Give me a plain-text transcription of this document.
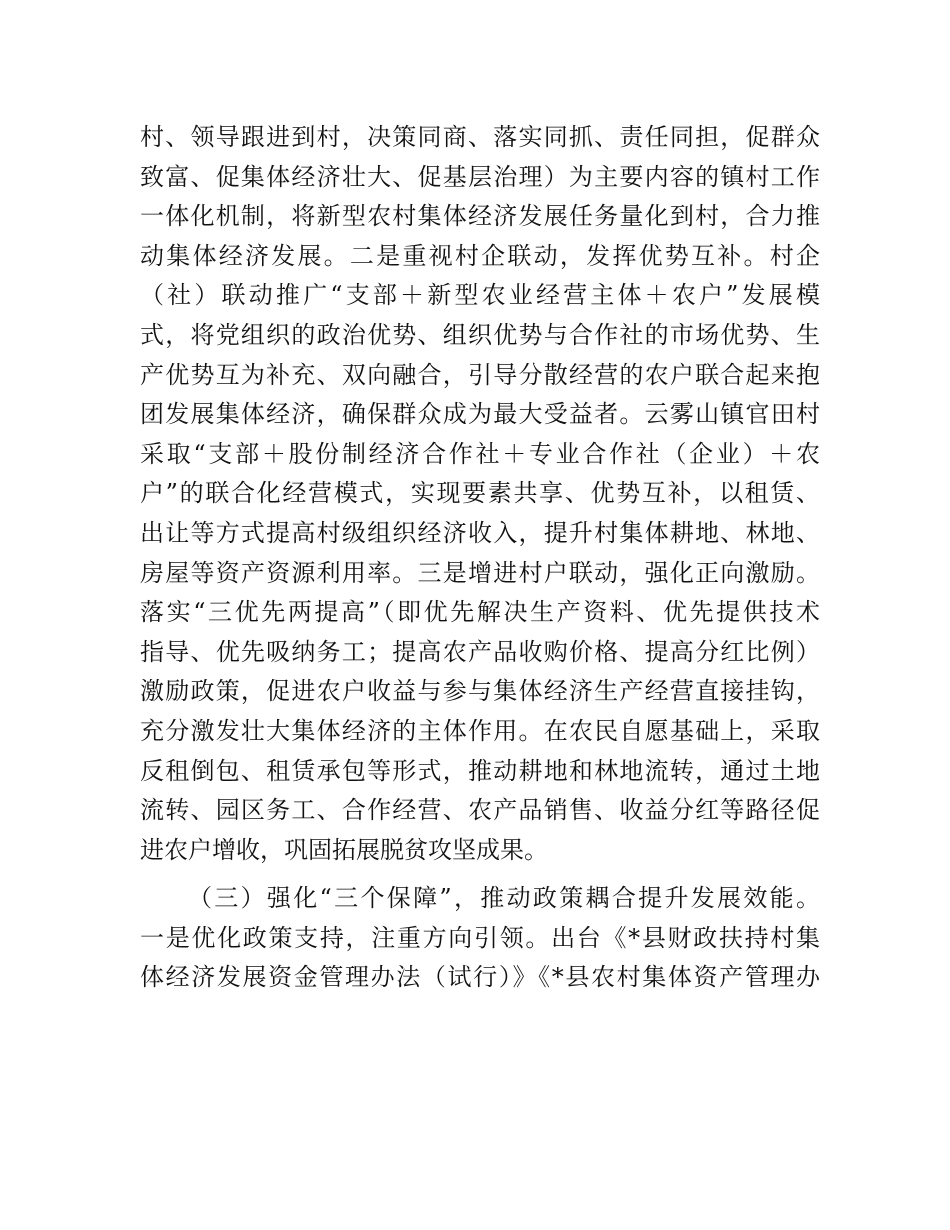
村、领导跟进到村，决策同商、落实同抓、责任同担，促群众
致富、促集体经济壮大、促基层治理）为主要内容的镇村工作
一体化机制，将新型农村集体经济发展任务量化到村，合力推
动集体经济发展。二是重视村企联动，发挥优势互补。村企
（社）联动推广“支部＋新型农业经营主体＋农户”发展模
式，将党组织的政治优势、组织优势与合作社的市场优势、生
产优势互为补充、双向融合，引导分散经营的农户联合起来抱
团发展集体经济，确保群众成为最大受益者。云雾山镇官田村
采取“支部＋股份制经济合作社＋专业合作社（企业）＋农
户”的联合化经营模式，实现要素共享、优势互补，以租赁、
出让等方式提高村级组织经济收入，提升村集体耕地、林地、
房屋等资产资源利用率。三是增进村户联动，强化正向激励。
落实“三优先两提高”（即优先解决生产资料、优先提供技术
指导、优先吸纳务工；提高农产品收购价格、提高分红比例）
激励政策，促进农户收益与参与集体经济生产经营直接挂钩，
充分激发壮大集体经济的主体作用。在农民自愿基础上，采取
反租倒包、租赁承包等形式，推动耕地和林地流转，通过土地
流转、园区务工、合作经营、农产品销售、收益分红等路径促
进农户增收，巩固拓展脱贫攻坚成果。
（三）强化“三个保障”，推动政策耦合提升发展效能。
一是优化政策支持，注重方向引领。出台《*县财政扶持村集
体经济发展资金管理办法（试行）》《*县农村集体资产管理办
